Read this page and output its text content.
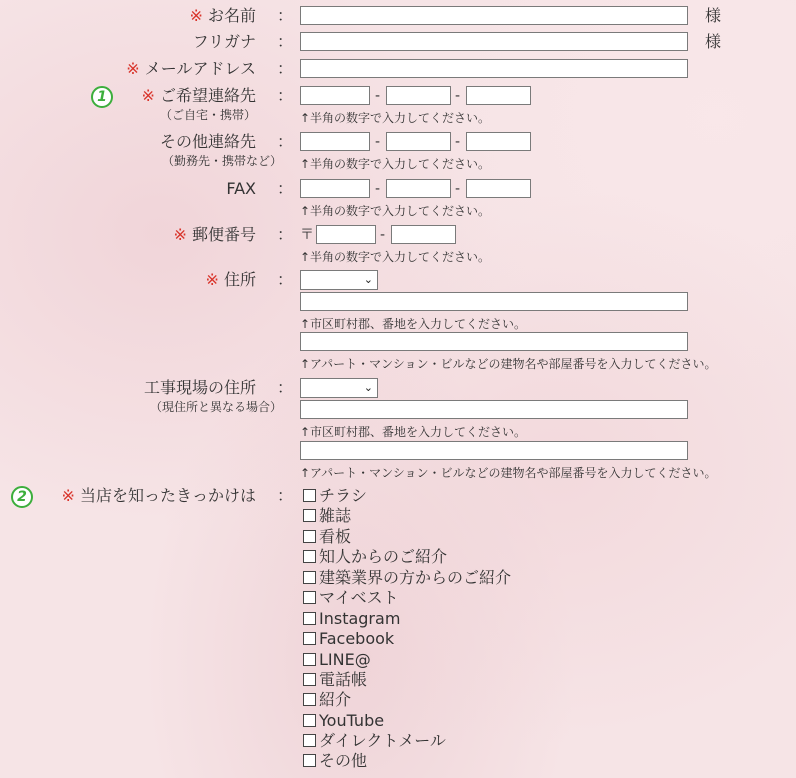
※ お名前 ：	様
フリガナ ：	様
※ メールアドレス ：
1	※ ご希望連絡先
（ご自宅・携帯）
：	-	-
↑半角の数字で入力してください。
その他連絡先
（勤務先・携帯など）
：	-	-
↑半角の数字で入力してください。
FAX ：	-	-
↑半角の数字で入力してください。
※ 郵便番号 ： 〒	-
↑半角の数字で入力してください。
※ 住所 ：	⌄
↑市区町村郡、番地を入力してください。
↑アパート・マンション・ビルなどの建物名や部屋番号を入力してください。
工事現場の住所
（現住所と異なる場合）
：	⌄
↑市区町村郡、番地を入力してください。
↑アパート・マンション・ビルなどの建物名や部屋番号を入力してください。
2	※ 当店を知ったきっかけは ：	チラシ
雑誌
看板
知人からのご紹介
建築業界の方からのご紹介
マイベスト
Instagram
Facebook
LINE@
電話帳
紹介
YouTube
ダイレクトメール
その他
